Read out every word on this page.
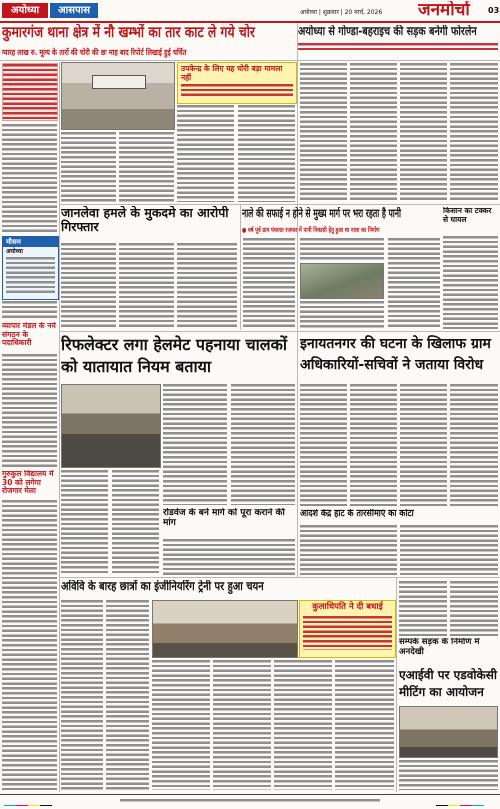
अयोध्या	आसपास	अयोध्या | शुक्रवार | 20 मार्च, 2026	जनमोर्चा	03
कुमारगंज थाना क्षेत्र में नौ खम्भों का तार काट ले गये चोर
ग्यारह लाख रु. मूल्य के तारों की चोरी की छः माह बाद रिपोर्ट लिखाई हुई चर्चित
अयोध्या से गोण्डा-बहराइच की सड़क बनेगी फोरलेन
मौसम
अयोध्या
व्यापार मंडल के नये संगठन के पदाधिकारी
गुरुकुल विद्यालय में 30 को लगेगा रोजगार मेला
उपकेन्द्र के लिए यह चोरी बड़ा मामला नहीं
जानलेवा हमले के मुकदमे का आरोपी गिरफ्तार
नाले की सफाई न होने से मुख्य मार्ग पर भरा रहता है पानी
● वर्ष पूर्व ग्राम पंचायत रजमल में पानी निकासी हेतु हुआ था नाला का निर्माण
किसान का टक्कर से घायल
रिफलेक्टर लगा हेलमेट पहनाया चालकों को यातायात नियम बताया
इनायतनगर की घटना के खिलाफ ग्राम अधिकारियों-सचिवों ने जताया विरोध
रोडवेज के बने मार्ग को पूरा कराने की मांग
आदर्श केंद्र हाट के तारसीमाएं का कोटा
अविवि के बारह छात्रों का इंजीनियरिंग ट्रेनी पर हुआ चयन
कुलाधिपति ने दी बधाई
सम्पर्क सड़क के निर्माण में अनदेखी
एआईवी पर एडवोकेसी मीटिंग का आयोजन
